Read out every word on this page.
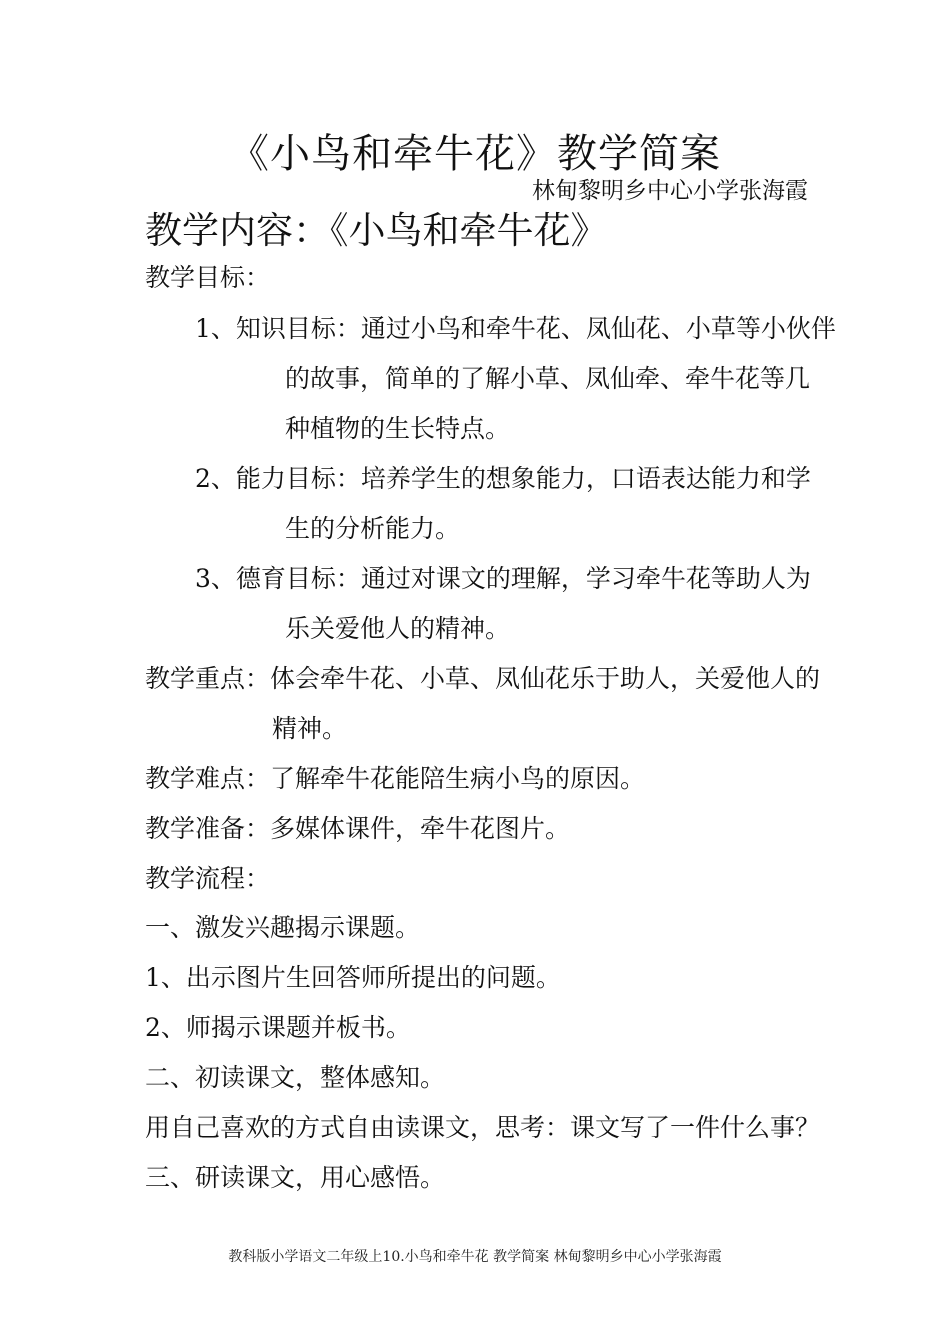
《小鸟和牵牛花》教学简案
林甸黎明乡中心小学张海霞
教学内容：《小鸟和牵牛花》
教学目标：
1、知识目标：通过小鸟和牵牛花、凤仙花、小草等小伙伴
的故事，简单的了解小草、凤仙牵、牵牛花等几
种植物的生长特点。
2、能力目标：培养学生的想象能力，口语表达能力和学
生的分析能力。
3、德育目标：通过对课文的理解，学习牵牛花等助人为
乐关爱他人的精神。
教学重点：体会牵牛花、小草、凤仙花乐于助人，关爱他人的
精神。
教学难点：了解牵牛花能陪生病小鸟的原因。
教学准备：多媒体课件，牵牛花图片。
教学流程：
一、激发兴趣揭示课题。
1、出示图片生回答师所提出的问题。
2、师揭示课题并板书。
二、初读课文，整体感知。
用自己喜欢的方式自由读课文，思考：课文写了一件什么事？
三、研读课文，用心感悟。
教科版小学语文二年级上10.小鸟和牵牛花 教学简案 林甸黎明乡中心小学张海霞
